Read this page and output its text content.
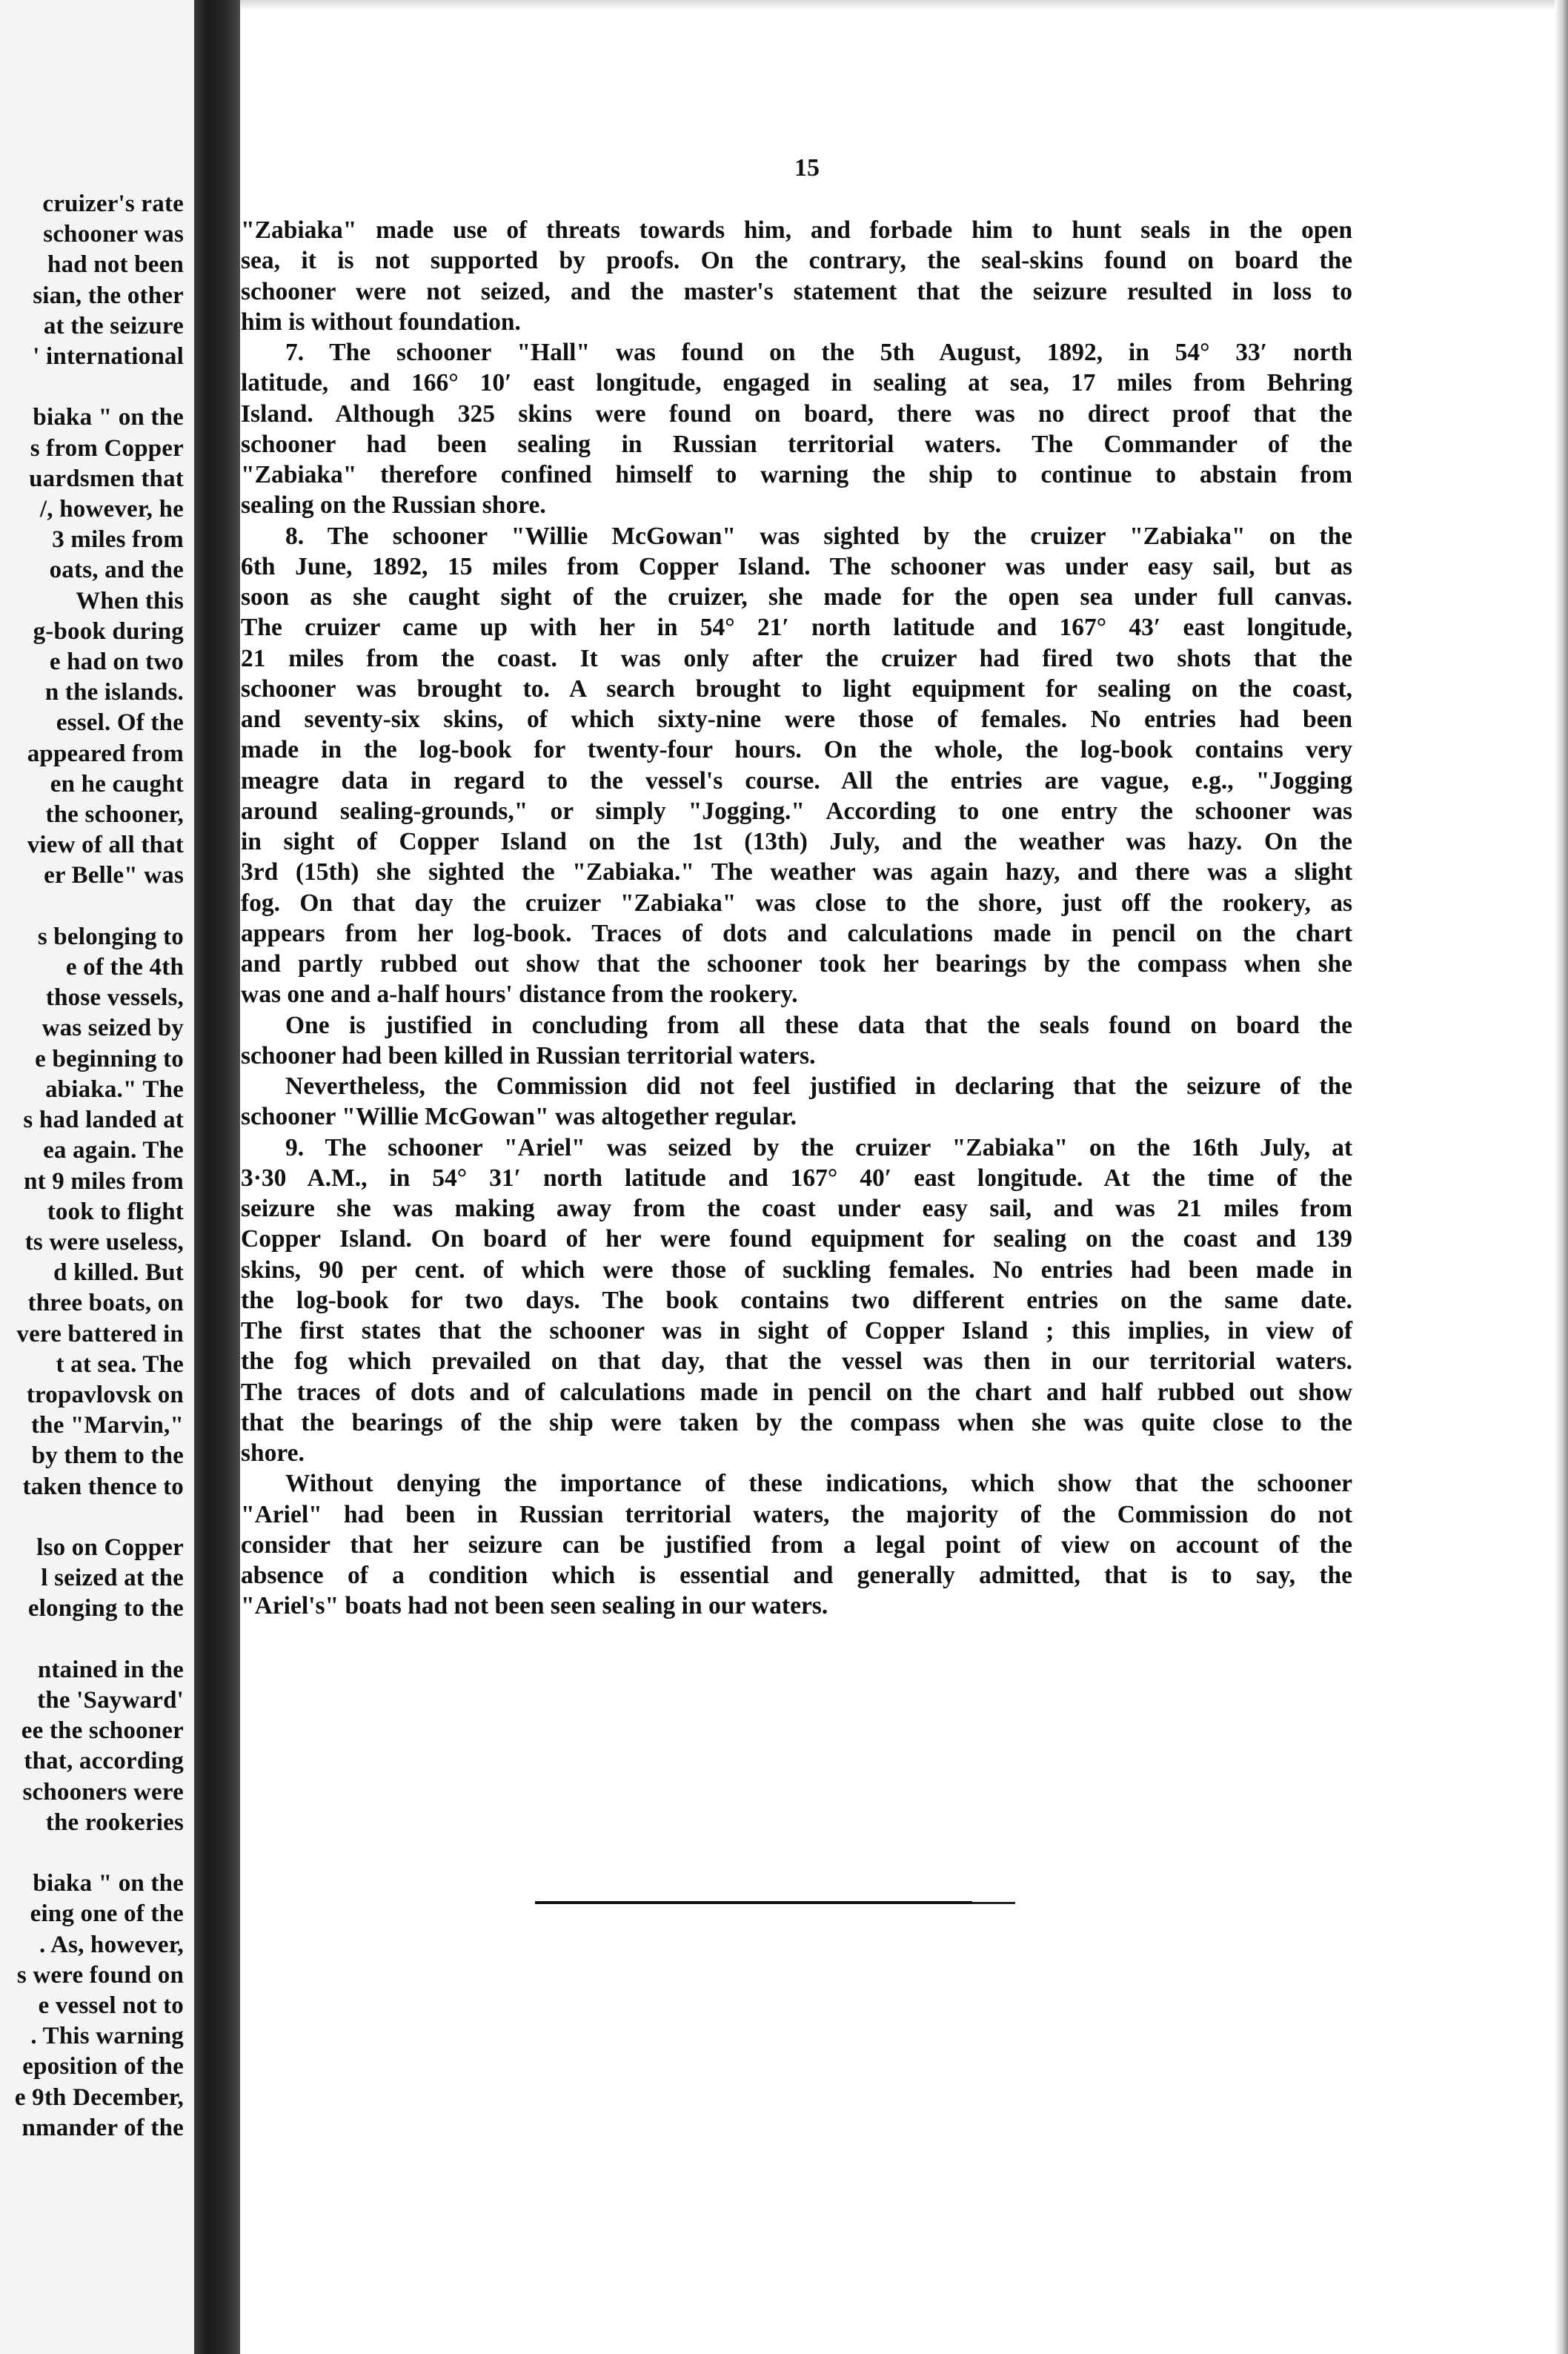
cruizer's rate
schooner was
had not been
sian, the other
at the seizure
' international

biaka " on the
s from Copper
uardsmen that
/, however, he
3 miles from
oats, and the
When this
g-book during
e had on two
n the islands.
essel. Of the
appeared from
en he caught
the schooner,
view of all that
er Belle" was

s belonging to
e of the 4th
those vessels,
was seized by
e beginning to
abiaka." The
s had landed at
ea again. The
nt 9 miles from
took to flight
ts were useless,
d killed. But
three boats, on
vere battered in
t at sea. The
tropavlovsk on
the "Marvin,"
by them to the
taken thence to

lso on Copper
l seized at the
elonging to the

ntained in the
the 'Sayward'
ee the schooner
that, according
schooners were
the rookeries

biaka " on the
eing one of the
. As, however,
s were found on
e vessel not to
. This warning
eposition of the
e 9th December,
nmander of the
15
"Zabiaka" made use of threats towards him, and forbade him to hunt seals in the open
sea, it is not supported by proofs. On the contrary, the seal-skins found on board the
schooner were not seized, and the master's statement that the seizure resulted in loss to
him is without foundation.
7. The schooner "Hall" was found on the 5th August, 1892, in 54° 33′ north
latitude, and 166° 10′ east longitude, engaged in sealing at sea, 17 miles from Behring
Island. Although 325 skins were found on board, there was no direct proof that the
schooner had been sealing in Russian territorial waters. The Commander of the
"Zabiaka" therefore confined himself to warning the ship to continue to abstain from
sealing on the Russian shore.
8. The schooner "Willie McGowan" was sighted by the cruizer "Zabiaka" on the
6th June, 1892, 15 miles from Copper Island. The schooner was under easy sail, but as
soon as she caught sight of the cruizer, she made for the open sea under full canvas.
The cruizer came up with her in 54° 21′ north latitude and 167° 43′ east longitude,
21 miles from the coast. It was only after the cruizer had fired two shots that the
schooner was brought to. A search brought to light equipment for sealing on the coast,
and seventy-six skins, of which sixty-nine were those of females. No entries had been
made in the log-book for twenty-four hours. On the whole, the log-book contains very
meagre data in regard to the vessel's course. All the entries are vague, e.g., "Jogging
around sealing-grounds," or simply "Jogging." According to one entry the schooner was
in sight of Copper Island on the 1st (13th) July, and the weather was hazy. On the
3rd (15th) she sighted the "Zabiaka." The weather was again hazy, and there was a slight
fog. On that day the cruizer "Zabiaka" was close to the shore, just off the rookery, as
appears from her log-book. Traces of dots and calculations made in pencil on the chart
and partly rubbed out show that the schooner took her bearings by the compass when she
was one and a-half hours' distance from the rookery.
One is justified in concluding from all these data that the seals found on board the
schooner had been killed in Russian territorial waters.
Nevertheless, the Commission did not feel justified in declaring that the seizure of the
schooner "Willie McGowan" was altogether regular.
9. The schooner "Ariel" was seized by the cruizer "Zabiaka" on the 16th July, at
3·30 A.M., in 54° 31′ north latitude and 167° 40′ east longitude. At the time of the
seizure she was making away from the coast under easy sail, and was 21 miles from
Copper Island. On board of her were found equipment for sealing on the coast and 139
skins, 90 per cent. of which were those of suckling females. No entries had been made in
the log-book for two days. The book contains two different entries on the same date.
The first states that the schooner was in sight of Copper Island ; this implies, in view of
the fog which prevailed on that day, that the vessel was then in our territorial waters.
The traces of dots and of calculations made in pencil on the chart and half rubbed out show
that the bearings of the ship were taken by the compass when she was quite close to the
shore.
Without denying the importance of these indications, which show that the schooner
"Ariel" had been in Russian territorial waters, the majority of the Commission do not
consider that her seizure can be justified from a legal point of view on account of the
absence of a condition which is essential and generally admitted, that is to say, the
"Ariel's" boats had not been seen sealing in our waters.
